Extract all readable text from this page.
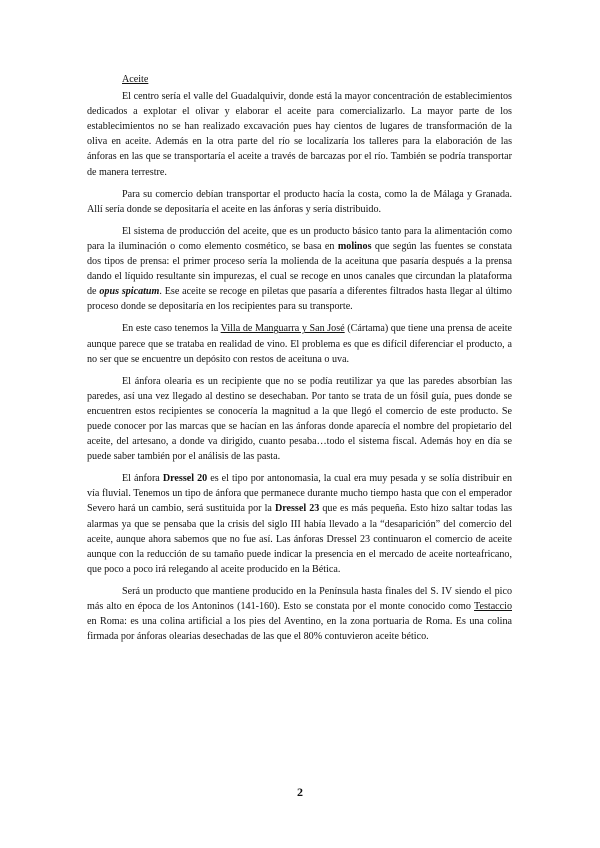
Aceite

El centro sería el valle del Guadalquivir, donde está la mayor concentración de establecimientos dedicados a explotar el olivar y elaborar el aceite para comercializarlo. La mayor parte de los establecimientos no se han realizado excavación pues hay cientos de lugares de transformación de la oliva en aceite. Además en la otra parte del río se localizaría los talleres para la elaboración de las ánforas en las que se transportaría el aceite a través de barcazas por el río. También se podría transportar de manera terrestre.

Para su comercio debían transportar el producto hacía la costa, como la de Málaga y Granada. Allí sería donde se depositaría el aceite en las ánforas y sería distribuido.

El sistema de producción del aceite, que es un producto básico tanto para la alimentación como para la iluminación o como elemento cosmético, se basa en molinos que según las fuentes se constata dos tipos de prensa: el primer proceso sería la molienda de la aceituna que pasaría después a la prensa dando el líquido resultante sin impurezas, el cual se recoge en unos canales que circundan la plataforma de opus spicatum. Ese aceite se recoge en piletas que pasaría a diferentes filtrados hasta llegar al último proceso donde se depositaría en los recipientes para su transporte.

En este caso tenemos la Villa de Manguarra y San José (Cártama) que tiene una prensa de aceite aunque parece que se trataba en realidad de vino. El problema es que es difícil diferenciar el producto, a no ser que se encuentre un depósito con restos de aceituna o uva.

El ánfora olearia es un recipiente que no se podía reutilizar ya que las paredes absorbían las paredes, así una vez llegado al destino se desechaban. Por tanto se trata de un fósil guía, pues donde se encuentren estos recipientes se conocería la magnitud a la que llegó el comercio de este producto. Se puede conocer por las marcas que se hacían en las ánforas donde aparecía el nombre del propietario del aceite, del artesano, a donde va dirigido, cuanto pesaba…todo el sistema fiscal. Además hoy en día se puede saber también por el análisis de las pasta.

El ánfora Dressel 20 es el tipo por antonomasia, la cual era muy pesada y se solía distribuir en vía fluvial. Tenemos un tipo de ánfora que permanece durante mucho tiempo hasta que con el emperador Severo hará un cambio, será sustituida por la Dressel 23 que es más pequeña. Esto hizo saltar todas las alarmas ya que se pensaba que la crisis del siglo III había llevado a la “desaparición” del comercio del aceite, aunque ahora sabemos que no fue así. Las ánforas Dressel 23 continuaron el comercio de aceite aunque con la reducción de su tamaño puede indicar la presencia en el mercado de aceite norteafricano, que poco a poco irá relegando al aceite producido en la Bética.

Será un producto que mantiene producido en la Península hasta finales del S. IV siendo el pico más alto en época de los Antoninos (141-160). Esto se constata por el monte conocido como Testaccio en Roma: es una colina artificial a los pies del Aventino, en la zona portuaria de Roma. Es una colina firmada por ánforas olearias desechadas de las que el 80% contuvieron aceite bético.

2
